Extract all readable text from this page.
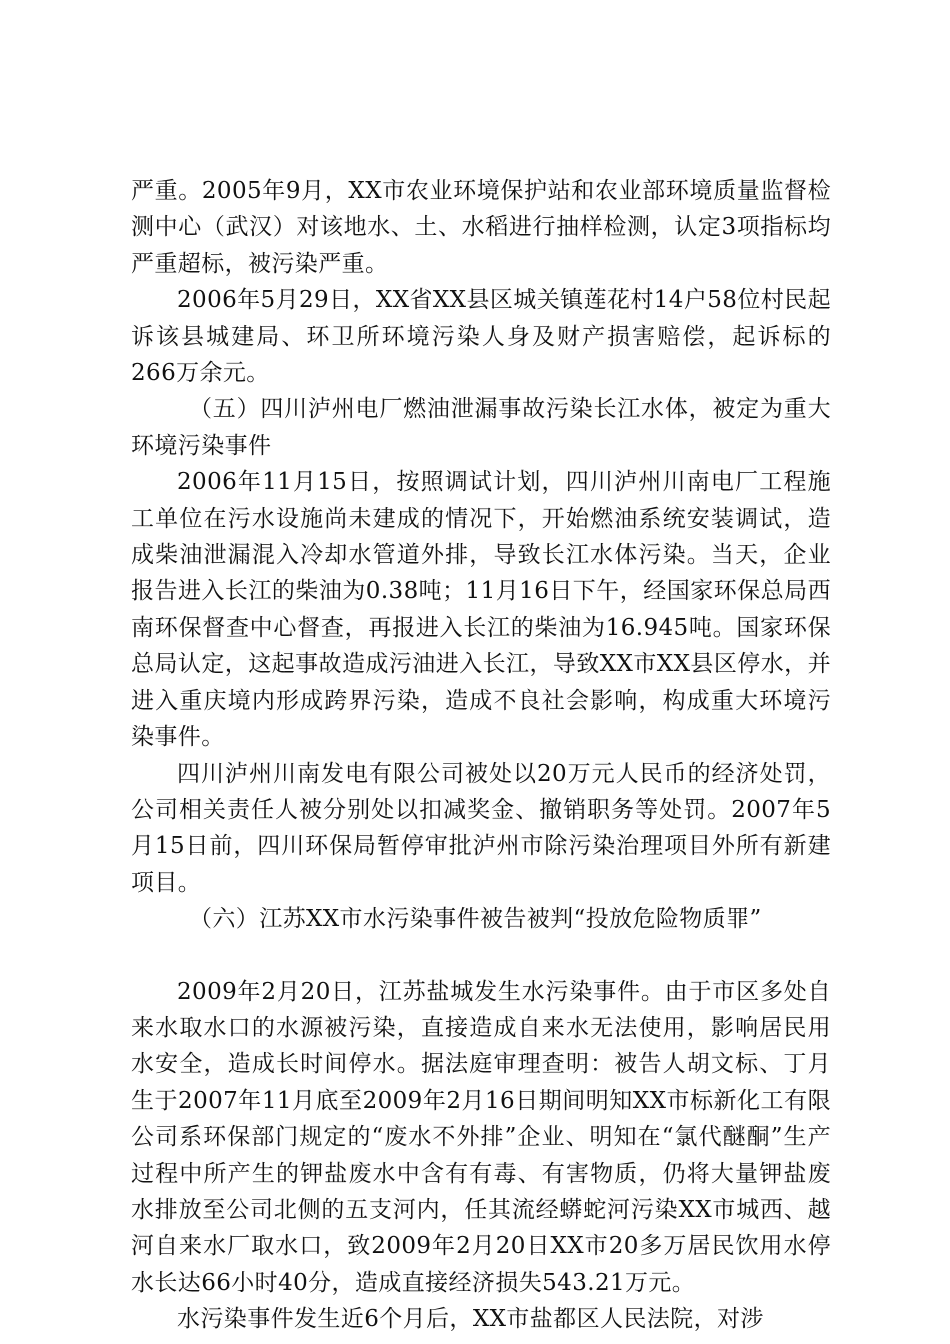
严重。2005年9月，XX市农业环境保护站和农业部环境质量监督检测中心（武汉）对该地水、土、水稻进行抽样检测，认定3项指标均严重超标，被污染严重。

2006年5月29日，XX省XX县区城关镇莲花村14户58位村民起诉该县城建局、环卫所环境污染人身及财产损害赔偿，起诉标的266万余元。

（五）四川泸州电厂燃油泄漏事故污染长江水体，被定为重大环境污染事件

2006年11月15日，按照调试计划，四川泸州川南电厂工程施工单位在污水设施尚未建成的情况下，开始燃油系统安装调试，造成柴油泄漏混入冷却水管道外排，导致长江水体污染。当天，企业报告进入长江的柴油为0.38吨；11月16日下午，经国家环保总局西南环保督查中心督查，再报进入长江的柴油为16.945吨。国家环保总局认定，这起事故造成污油进入长江，导致XX市XX县区停水，并进入重庆境内形成跨界污染，造成不良社会影响，构成重大环境污染事件。

四川泸州川南发电有限公司被处以20万元人民币的经济处罚，公司相关责任人被分别处以扣减奖金、撤销职务等处罚。2007年5月15日前，四川环保局暂停审批泸州市除污染治理项目外所有新建项目。

（六）江苏XX市水污染事件被告被判“投放危险物质罪”

2009年2月20日，江苏盐城发生水污染事件。由于市区多处自来水取水口的水源被污染，直接造成自来水无法使用，影响居民用水安全，造成长时间停水。据法庭审理查明：被告人胡文标、丁月生于2007年11月底至2009年2月16日期间明知XX市标新化工有限公司系环保部门规定的“废水不外排”企业、明知在“氯代醚酮”生产过程中所产生的钾盐废水中含有有毒、有害物质，仍将大量钾盐废水排放至公司北侧的五支河内，任其流经蟒蛇河污染XX市城西、越河自来水厂取水口，致2009年2月20日XX市20多万居民饮用水停水长达66小时40分，造成直接经济损失543.21万元。

水污染事件发生近6个月后，XX市盐都区人民法院，对涉
